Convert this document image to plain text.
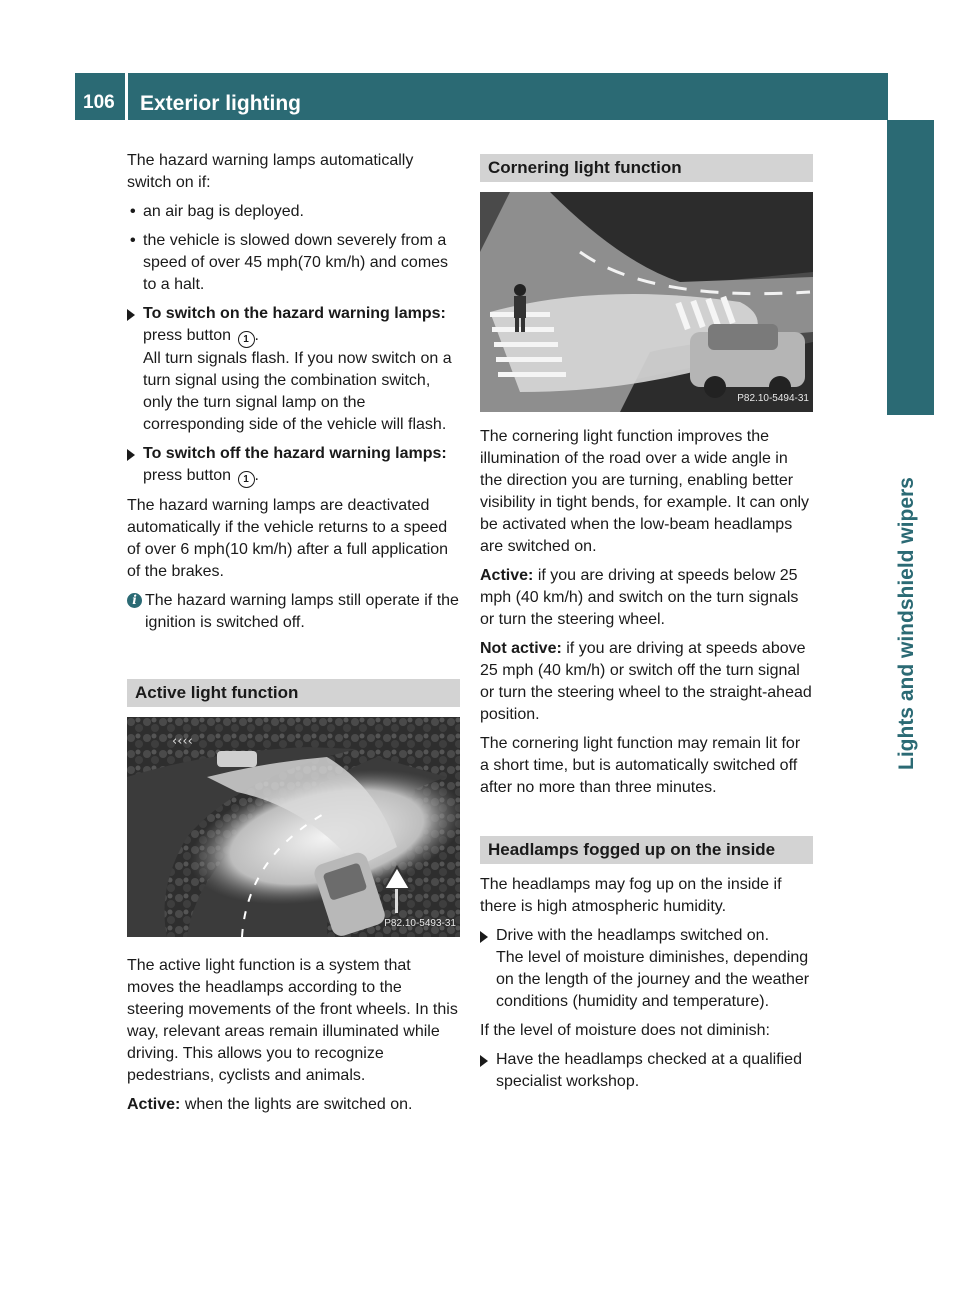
106	Exterior lighting
Lights and windshield wipers

The hazard warning lamps automatically switch on if:

• an air bag is deployed.
• the vehicle is slowed down severely from a speed of over 45 mph(70 km/h) and comes to a halt.
To switch on the hazard warning lamps:
press button 1 .
All turn signals flash. If you now switch on a turn signal using the combination switch, only the turn signal lamp on the corresponding side of the vehicle will flash.
To switch off the hazard warning lamps: press button 1 .

The hazard warning lamps are deactivated automatically if the vehicle returns to a speed of over 6 mph(10 km/h) after a full application of the brakes.

i The hazard warning lamps still operate if the ignition is switched off.
Active light function
‹‹‹‹
P82.10-5493-31

The active light function is a system that moves the headlamps according to the steering movements of the front wheels. In this way, relevant areas remain illuminated while driving. This allows you to recognize pedestrians, cyclists and animals.

Active: when the lights are switched on.

Cornering light function
P82.10-5494-31

The cornering light function improves the illumination of the road over a wide angle in the direction you are turning, enabling better visibility in tight bends, for example. It can only be activated when the low-beam headlamps are switched on.

Active: if you are driving at speeds below 25 mph (40 km/h) and switch on the turn signals or turn the steering wheel.

Not active: if you are driving at speeds above 25 mph (40 km/h) or switch off the turn signal or turn the steering wheel to the straight-ahead position.

The cornering light function may remain lit for a short time, but is automatically switched off after no more than three minutes.

Headlamps fogged up on the inside

The headlamps may fog up on the inside if there is high atmospheric humidity.

Drive with the headlamps switched on.
The level of moisture diminishes, depending on the length of the journey and the weather conditions (humidity and temperature).

If the level of moisture does not diminish:

Have the headlamps checked at a qualified specialist workshop.
